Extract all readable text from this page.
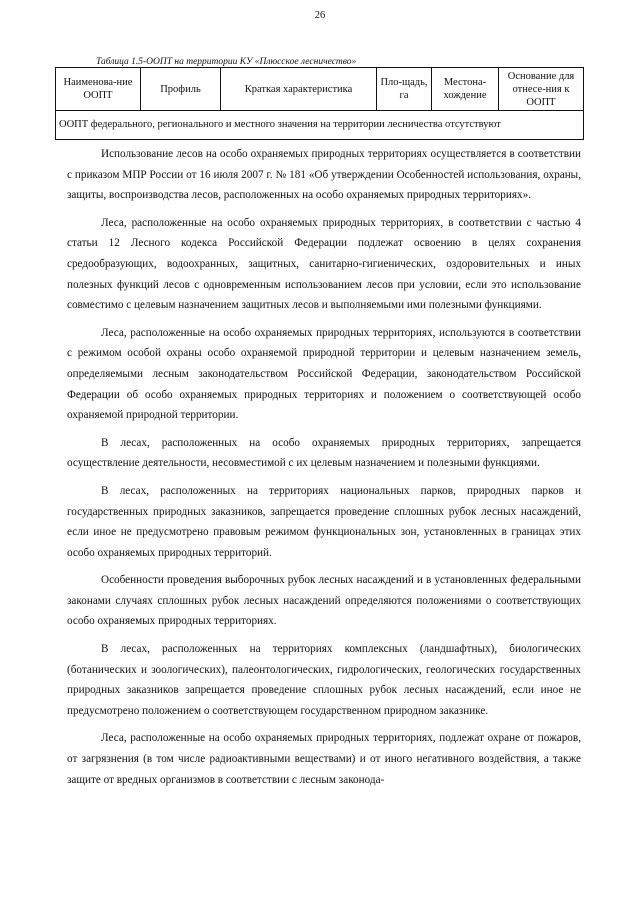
26
Таблица 1.5-ООПТ на территории КУ «Плюсское лесничество»
Наименова-ние ООПТ	Профиль	Краткая характеристика	Пло-щадь, га	Местона-хождение	Основание для отнесе-ния к ООПТ
ООПТ федерального, регионального и местного значения на территории лесничества отсутствуют

Использование лесов на особо охраняемых природных территориях осуществляется в соответствии с приказом МПР России от 16 июля 2007 г. № 181 «Об утверждении Особенностей использования, охраны, защиты, воспроизводства лесов, расположенных на особо охраняемых природных территориях».

Леса, расположенные на особо охраняемых природных территориях, в соответствии с частью 4 статьи 12 Лесного кодекса Российской Федерации подлежат освоению в целях сохранения средообразующих, водоохранных, защитных, санитарно-гигиенических, оздоровительных и иных полезных функций лесов с одновременным использованием лесов при условии, если это использование совместимо с целевым назначением защитных лесов и выполняемыми ими полезными функциями.

Леса, расположенные на особо охраняемых природных территориях, используются в соответствии с режимом особой охраны особо охраняемой природной территории и целевым назначением земель, определяемыми лесным законодательством Российской Федерации, законодательством Российской Федерации об особо охраняемых природных территориях и положением о соответствующей особо охраняемой природной территории.

В лесах, расположенных на особо охраняемых природных территориях, запрещается осуществление деятельности, несовместимой с их целевым назначением и полезными функциями.

В лесах, расположенных на территориях национальных парков, природных парков и государственных природных заказников, запрещается проведение сплошных рубок лесных насаждений, если иное не предусмотрено правовым режимом функциональных зон, установленных в границах этих особо охраняемых природных территорий.

Особенности проведения выборочных рубок лесных насаждений и в установленных федеральными законами случаях сплошных рубок лесных насаждений определяются положениями о соответствующих особо охраняемых природных территориях.

В лесах, расположенных на территориях комплексных (ландшафтных), биологических (ботанических и зоологических), палеонтологических, гидрологических, геологических государственных природных заказников запрещается проведение сплошных рубок лесных насаждений, если иное не предусмотрено положением о соответствующем государственном природном заказнике.

Леса, расположенные на особо охраняемых природных территориях, подлежат охране от пожаров, от загрязнения (в том числе радиоактивными веществами) и от иного негативного воздействия, а также защите от вредных организмов в соответствии с лесным законода-
